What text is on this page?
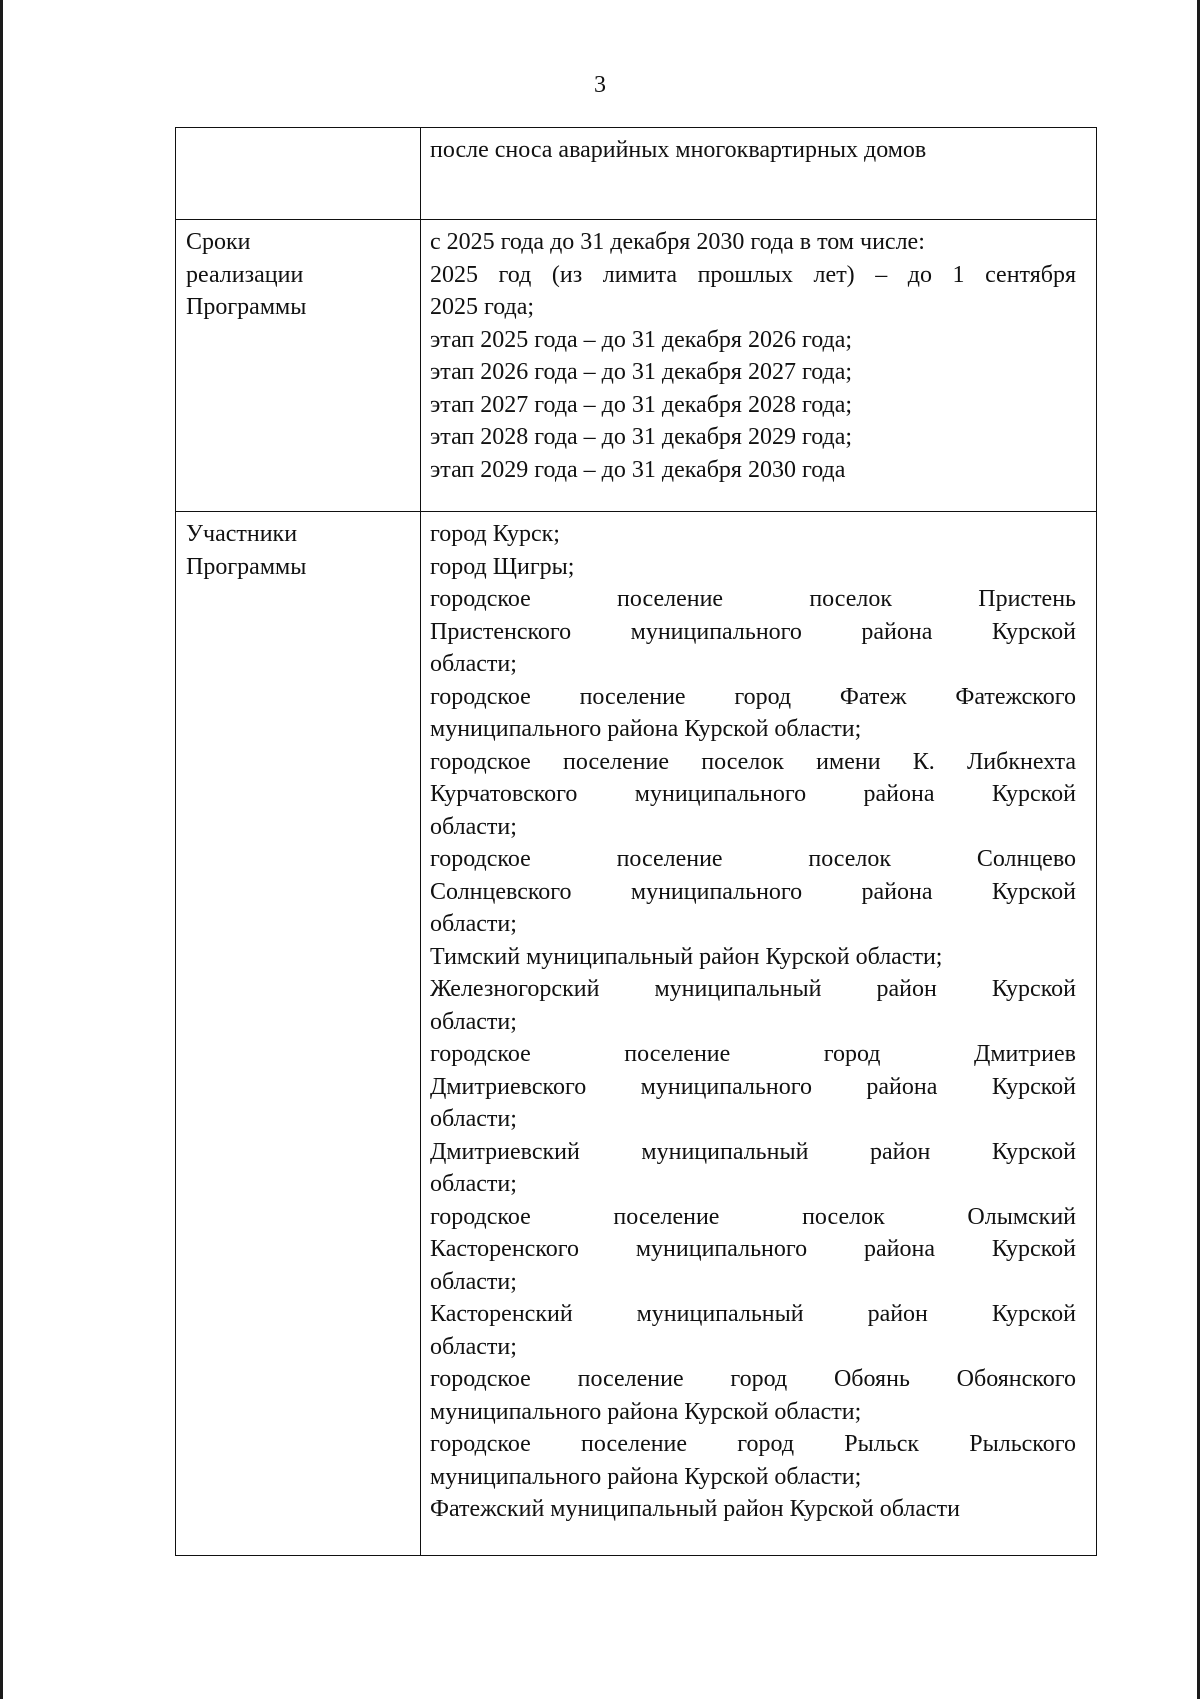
3
после сноса аварийных многоквартирных домов
Сроки
реализации
Программы
с 2025 года до 31 декабря 2030 года в том числе:
2025 год (из лимита прошлых лет) – до 1 сентября
2025 года;
этап 2025 года – до 31 декабря 2026 года;
этап 2026 года – до 31 декабря 2027 года;
этап 2027 года – до 31 декабря 2028 года;
этап 2028 года – до 31 декабря 2029 года;
этап 2029 года – до 31 декабря 2030 года
Участники
Программы
город Курск;
город Щигры;
городское поселение поселок Пристень
Пристенского муниципального района Курской
области;
городское поселение город Фатеж Фатежского
муниципального района Курской области;
городское поселение поселок имени К. Либкнехта
Курчатовского муниципального района Курской
области;
городское поселение поселок Солнцево
Солнцевского муниципального района Курской
области;
Тимский муниципальный район Курской области;
Железногорский муниципальный район Курской
области;
городское поселение город Дмитриев
Дмитриевского муниципального района Курской
области;
Дмитриевский муниципальный район Курской
области;
городское поселение поселок Олымский
Касторенского муниципального района Курской
области;
Касторенский муниципальный район Курской
области;
городское поселение город Обоянь Обоянского
муниципального района Курской области;
городское поселение город Рыльск Рыльского
муниципального района Курской области;
Фатежский муниципальный район Курской области
